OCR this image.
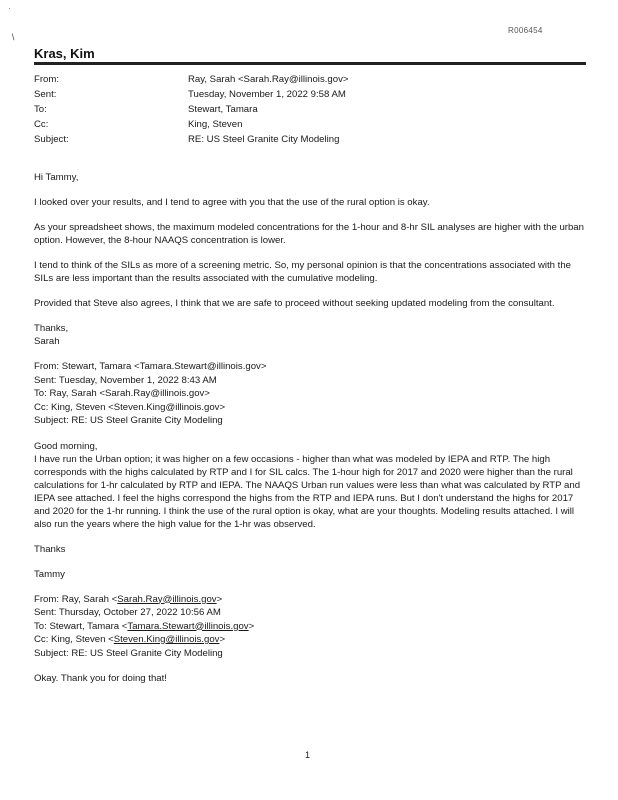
·
/
R006454
Kras, Kim
From:	Ray, Sarah <Sarah.Ray@illinois.gov>
Sent:	Tuesday, November 1, 2022 9:58 AM
To:	Stewart, Tamara
Cc:	King, Steven
Subject:	RE: US Steel Granite City Modeling

Hi Tammy,

I looked over your results, and I tend to agree with you that the use of the rural option is okay.

As your spreadsheet shows, the maximum modeled concentrations for the 1-hour and 8-hr SIL analyses are higher with the urban option. However, the 8-hour NAAQS concentration is lower.

I tend to think of the SILs as more of a screening metric. So, my personal opinion is that the concentrations associated with the SILs are less important than the results associated with the cumulative modeling.

Provided that Steve also agrees, I think that we are safe to proceed without seeking updated modeling from the consultant.

Thanks,

Sarah

From: Stewart, Tamara <Tamara.Stewart@illinois.gov>
Sent: Tuesday, November 1, 2022 8:43 AM
To: Ray, Sarah <Sarah.Ray@illinois.gov>
Cc: King, Steven <Steven.King@illinois.gov>
Subject: RE: US Steel Granite City Modeling
Good morning,

I have run the Urban option; it was higher on a few occasions - higher than what was modeled by IEPA and RTP. The high corresponds with the highs calculated by RTP and I for SIL calcs. The 1-hour high for 2017 and 2020 were higher than the rural calculations for 1-hr calculated by RTP and IEPA. The NAAQS Urban run values were less than what was calculated by RTP and IEPA see attached. I feel the highs correspond the highs from the RTP and IEPA runs. But I don't understand the highs for 2017 and 2020 for the 1-hr running. I think the use of the rural option is okay, what are your thoughts. Modeling results attached. I will also run the years where the high value for the 1-hr was observed.

Thanks

Tammy

From: Ray, Sarah <Sarah.Ray@illinois.gov>
Sent: Thursday, October 27, 2022 10:56 AM
To: Stewart, Tamara <Tamara.Stewart@illinois.gov>
Cc: King, Steven <Steven.King@illinois.gov>
Subject: RE: US Steel Granite City Modeling
Okay. Thank you for doing that!
1
